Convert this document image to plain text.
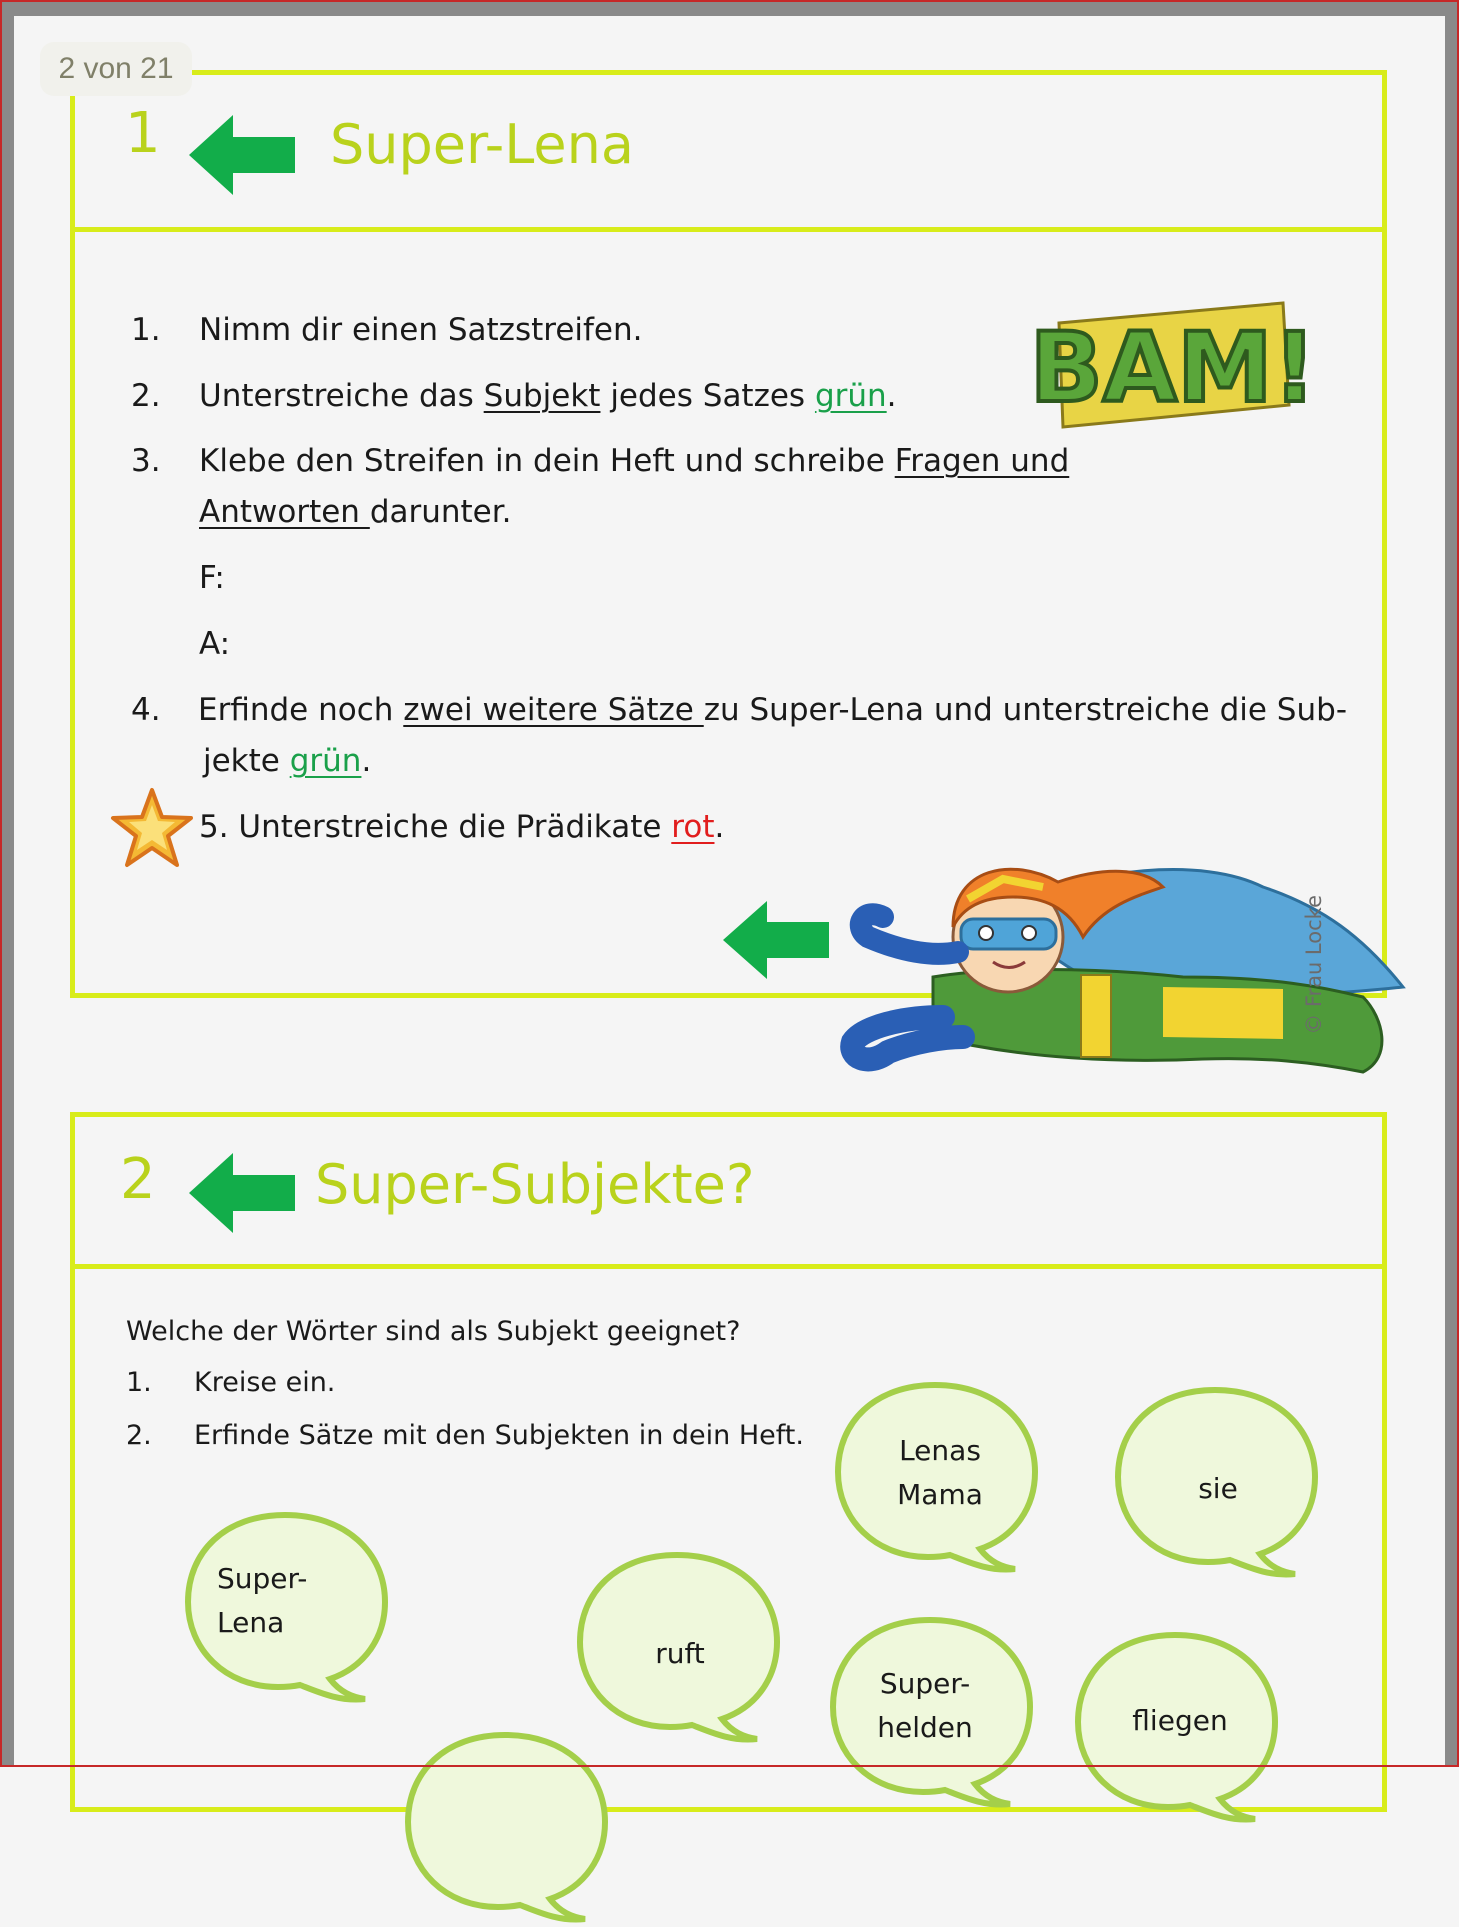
1	Super-Lena
1. Nimm dir einen Satzstreifen.
2. Unterstreiche das Subjekt jedes Satzes grün.
3. Klebe den Streifen in dein Heft und schreibe Fragen und
Antworten darunter.
F:
A:
4. Erfinde noch zwei weitere Sätze zu Super-Lena und unterstreiche die Sub-
jekte grün.
5. Unterstreiche die Prädikate rot.
BAM!
© Frau Locke
2 von 21
2	Super-Subjekte?
Welche der Wörter sind als Subjekt geeignet?
1. Kreise ein.
2. Erfinde Sätze mit den Subjekten in dein Heft.	Lenas
Mama	sie
Super-
Lena
ruft
Super-
helden	fliegen
